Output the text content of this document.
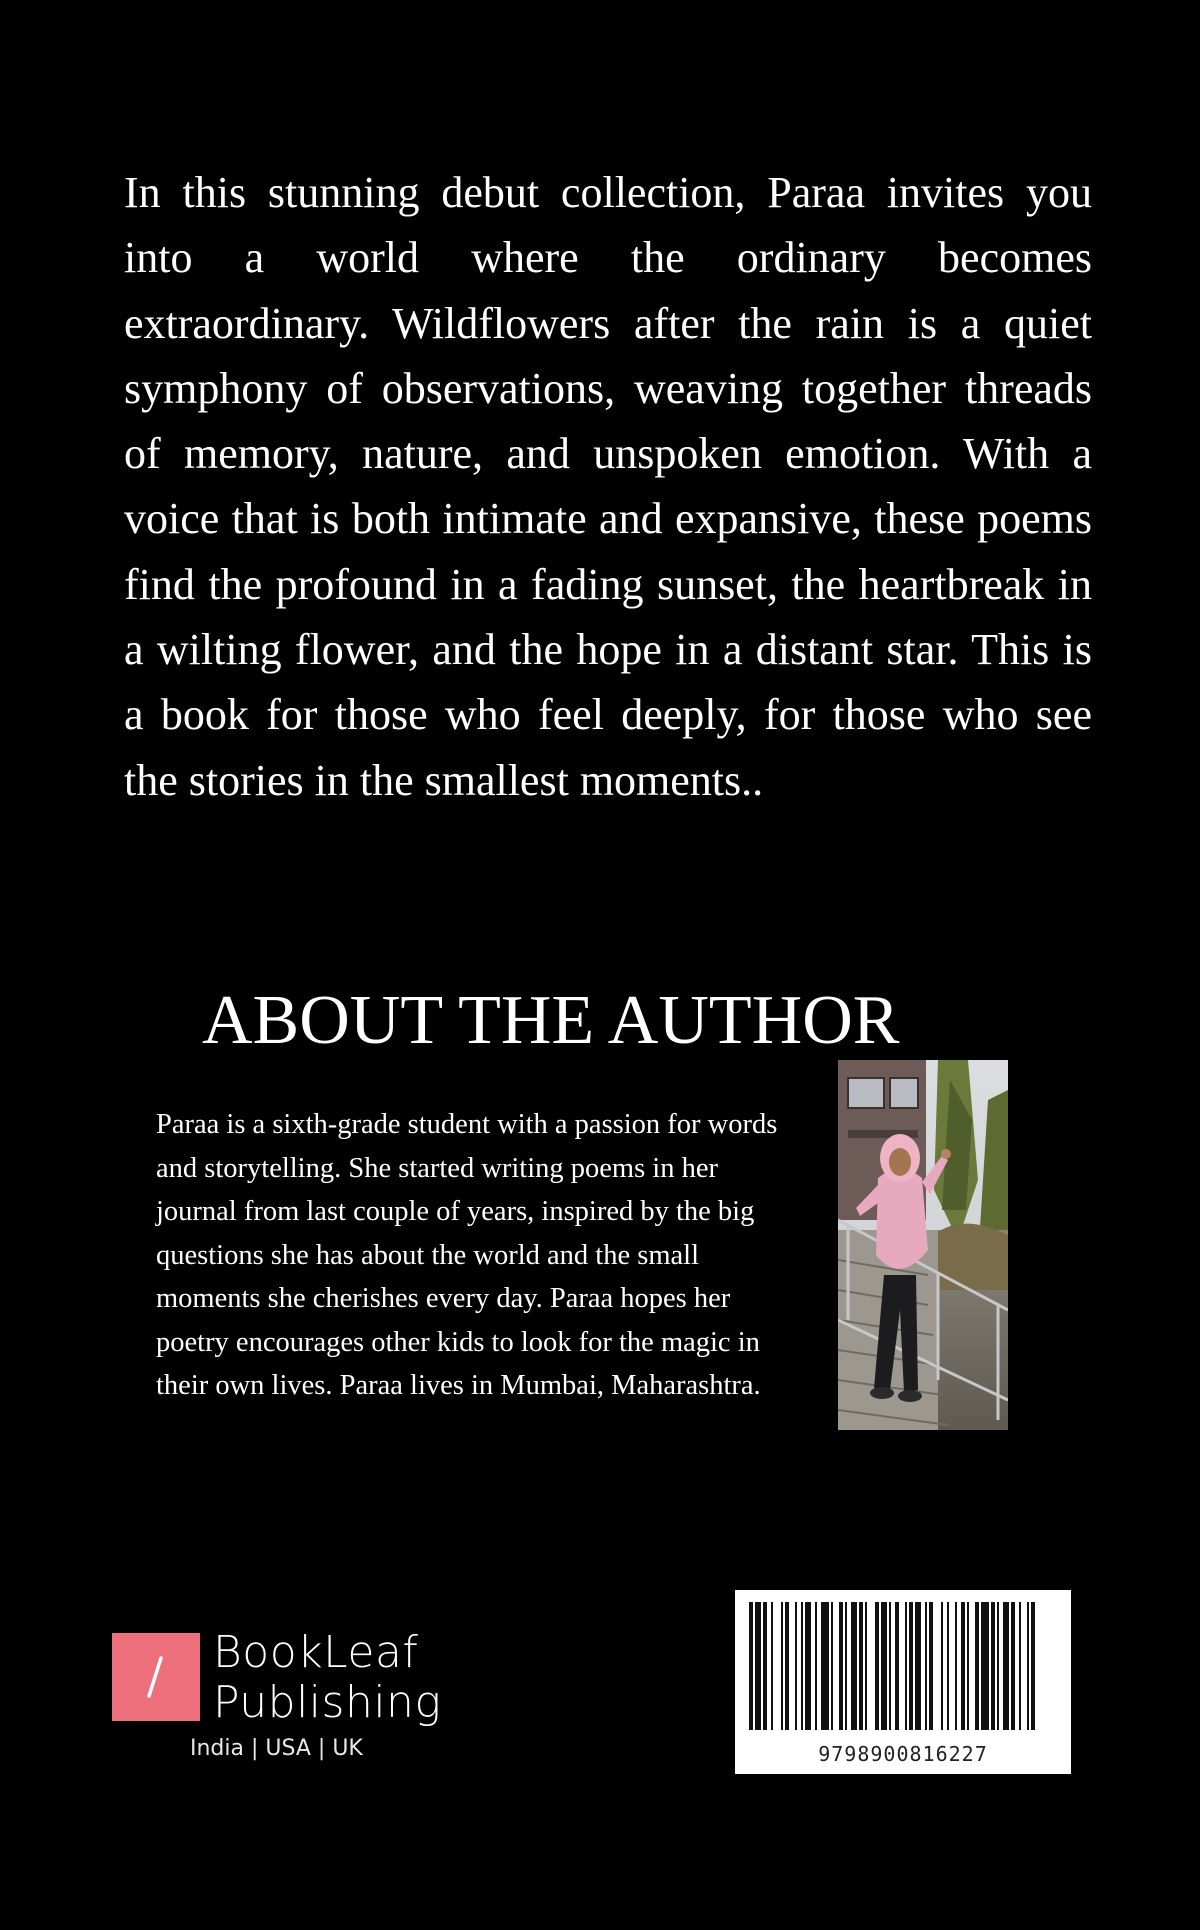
In this stunning debut collection, Paraa invites you into a world where the ordinary becomes extraordinary. Wildflowers after the rain is a quiet symphony of observations, weaving together threads of memory, nature, and unspoken emotion. With a voice that is both intimate and expansive, these poems find the profound in a fading sunset, the heartbreak in a wilting flower, and the hope in a distant star. This is a book for those who feel deeply, for those who see the stories in the smallest moments..

ABOUT THE AUTHOR

Paraa is a sixth-grade student with a passion for words and storytelling. She started writing poems in her journal from last couple of years, inspired by the big questions she has about the world and the small moments she cherishes every day. Paraa hopes her poetry encourages other kids to look for the magic in their own lives. Paraa lives in Mumbai, Maharashtra.

BookLeaf
Publishing
India | USA | UK	9798900816227
